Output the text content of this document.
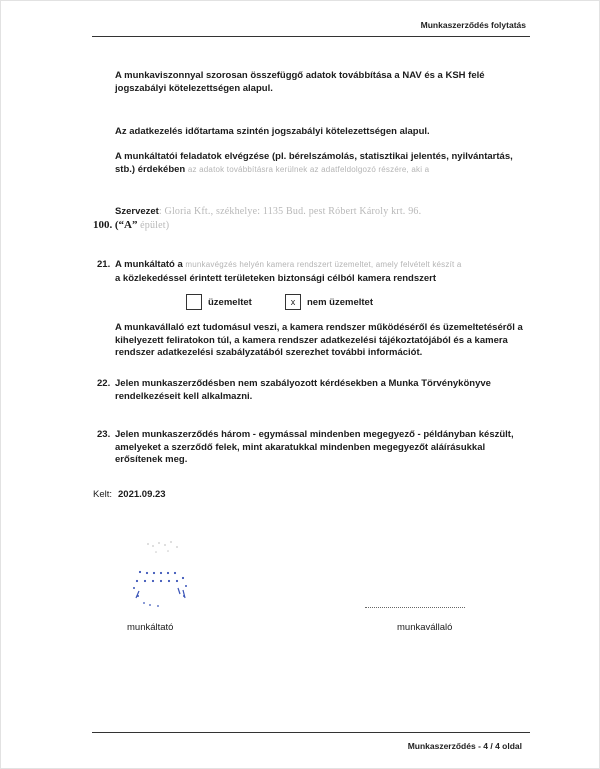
Munkaszerződés folytatás
A munkaviszonnyal szorosan összefüggő adatok továbbítása a NAV és a KSH felé jogszabályi kötelezettségen alapul.
Az adatkezelés időtartama szintén jogszabályi kötelezettségen alapul.
A munkáltatói feladatok elvégzése (pl. bérelszámolás, statisztikai jelentés, nyilvántartás, stb.) érdekében az adatok továbbításra kerülnek az adatfeldolgozó részére, aki a
Szervezet: Gloria Kft., székhelye: 1135 Bud. pest Róbert Károly krt. 96.
100. (“A” épület)
21. A munkáltató a munkavégzés helyén kamera rendszert üzemeltet, amely felvételt készít a
a közlekedéssel érintett területeken biztonsági célból kamera rendszert
üzemeltet	x	nem üzemeltet
A munkavállaló ezt tudomásul veszi, a kamera rendszer működéséről és üzemeltetéséről a kihelyezett feliratokon túl, a kamera rendszer adatkezelési tájékoztatójából és a kamera rendszer adatkezelési szabályzatából szerezhet további információt.
22. Jelen munkaszerződésben nem szabályozott kérdésekben a Munka Törvénykönyve rendelkezéseit kell alkalmazni.
23. Jelen munkaszerződés három - egymással mindenben megegyező - példányban készült, amelyeket a szerződő felek, mint akaratukkal mindenben megegyezőt aláírásukkal erősítenek meg.
Kelt: 2021.09.23
munkáltató	munkavállaló
Munkaszerződés - 4 / 4 oldal
